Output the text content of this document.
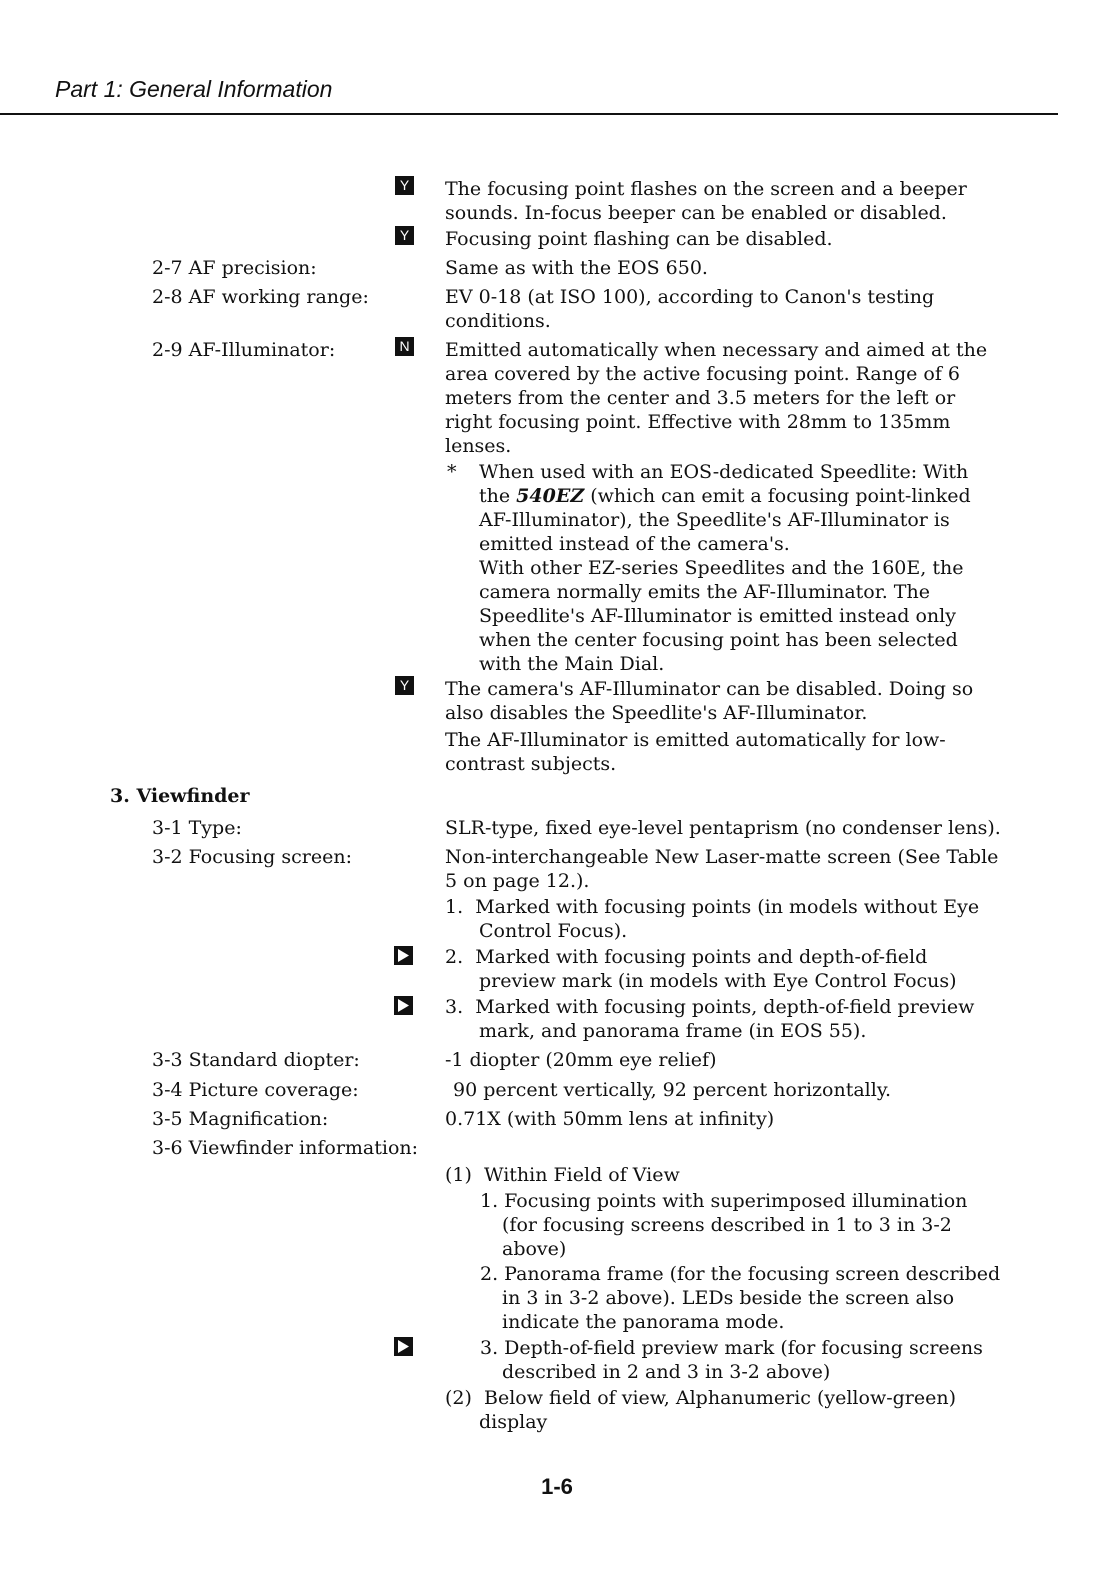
Part 1: General Information
Y The focusing point flashes on the screen and a beeper sounds. In-focus beeper can be enabled or disabled.
Y Focusing point flashing can be disabled.
2-7 AF precision:	Same as with the EOS 650.
2-8 AF working range:	EV 0-18 (at ISO 100), according to Canon's testing conditions.
2-9 AF-Illuminator:	N Emitted automatically when necessary and aimed at the area covered by the active focusing point. Range of 6 meters from the center and 3.5 meters for the left or right focusing point. Effective with 28mm to 135mm lenses.
* When used with an EOS-dedicated Speedlite: With the 540EZ (which can emit a focusing point-linked AF-Illuminator), the Speedlite's AF-Illuminator is emitted instead of the camera's.
With other EZ-series Speedlites and the 160E, the camera normally emits the AF-Illuminator. The Speedlite's AF-Illuminator is emitted instead only when the center focusing point has been selected with the Main Dial.
Y The camera's AF-Illuminator can be disabled. Doing so also disables the Speedlite's AF-Illuminator.
The AF-Illuminator is emitted automatically for low-contrast subjects.
3. Viewfinder
3-1 Type:	SLR-type, fixed eye-level pentaprism (no condenser lens).
3-2 Focusing screen:	Non-interchangeable New Laser-matte screen (See Table 5 on page 12.).
1.  Marked with focusing points (in models without Eye Control Focus).
2.  Marked with focusing points and depth-of-field preview mark (in models with Eye Control Focus)
3.  Marked with focusing points, depth-of-field preview mark, and panorama frame (in EOS 55).
3-3 Standard diopter:	-1 diopter (20mm eye relief)
3-4 Picture coverage:	90 percent vertically, 92 percent horizontally.
3-5 Magnification:	0.71X (with 50mm lens at infinity)
3-6 Viewfinder information:
(1)  Within Field of View
1. Focusing points with superimposed illumination (for focusing screens described in 1 to 3 in 3-2 above)
2. Panorama frame (for the focusing screen described in 3 in 3-2 above). LEDs beside the screen also indicate the panorama mode.
3. Depth-of-field preview mark (for focusing screens described in 2 and 3 in 3-2 above)
(2)  Below field of view, Alphanumeric (yellow-green) display
1-6
